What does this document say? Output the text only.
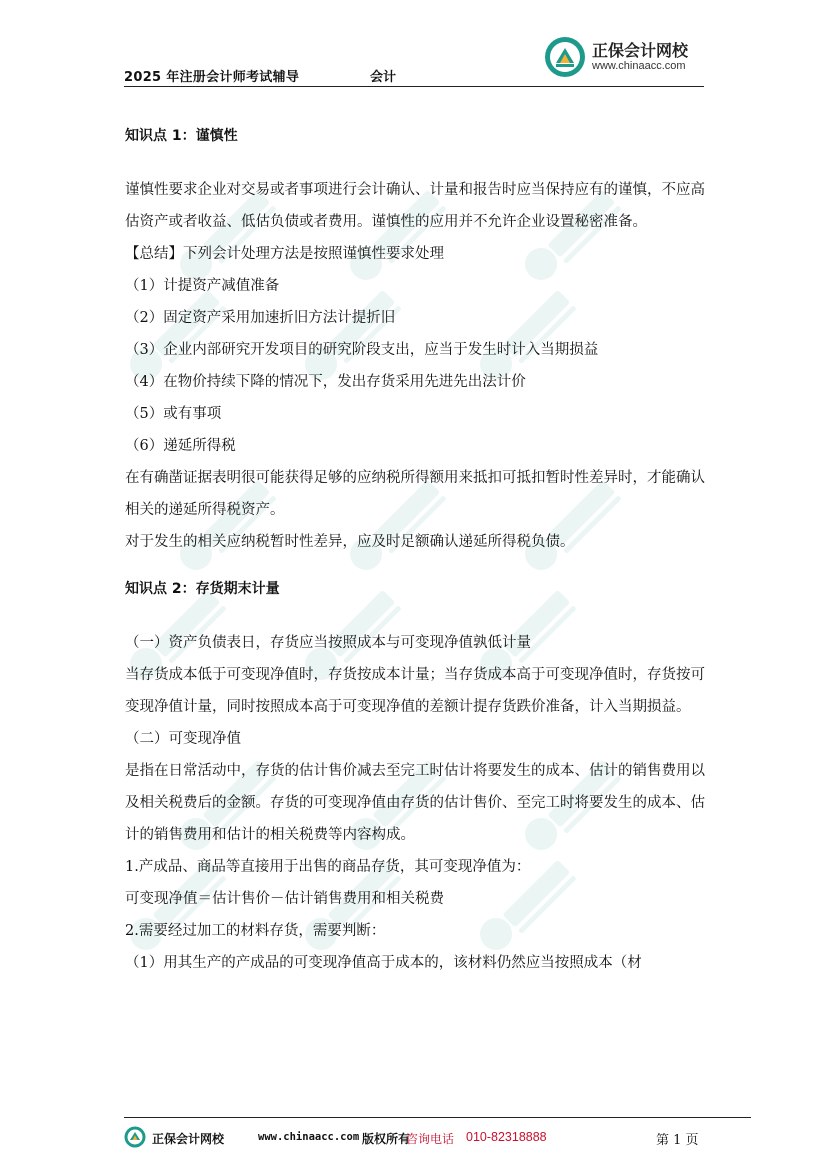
2025 年注册会计师考试辅导	会计
正保会计网校
www.chinaacc.com

知识点 1：谨慎性

谨慎性要求企业对交易或者事项进行会计确认、计量和报告时应当保持应有的谨慎，不应高估资产或者收益、低估负债或者费用。谨慎性的应用并不允许企业设置秘密准备。

【总结】下列会计处理方法是按照谨慎性要求处理

（1）计提资产减值准备

（2）固定资产采用加速折旧方法计提折旧

（3）企业内部研究开发项目的研究阶段支出，应当于发生时计入当期损益

（4）在物价持续下降的情况下，发出存货采用先进先出法计价

（5）或有事项

（6）递延所得税

在有确凿证据表明很可能获得足够的应纳税所得额用来抵扣可抵扣暂时性差异时，才能确认相关的递延所得税资产。

对于发生的相关应纳税暂时性差异，应及时足额确认递延所得税负债。

知识点 2：存货期末计量

（一）资产负债表日，存货应当按照成本与可变现净值孰低计量

当存货成本低于可变现净值时，存货按成本计量；当存货成本高于可变现净值时，存货按可变现净值计量，同时按照成本高于可变现净值的差额计提存货跌价准备，计入当期损益。

（二）可变现净值

是指在日常活动中，存货的估计售价减去至完工时估计将要发生的成本、估计的销售费用以及相关税费后的金额。存货的可变现净值由存货的估计售价、至完工时将要发生的成本、估计的销售费用和估计的相关税费等内容构成。

1.产成品、商品等直接用于出售的商品存货，其可变现净值为：

可变现净值＝估计售价－估计销售费用和相关税费

2.需要经过加工的材料存货，需要判断：

（1）用其生产的产成品的可变现净值高于成本的，该材料仍然应当按照成本（材

正保会计网校	www.chinaacc.com 版权所有
咨询电话 010-82318888	第 1 页
